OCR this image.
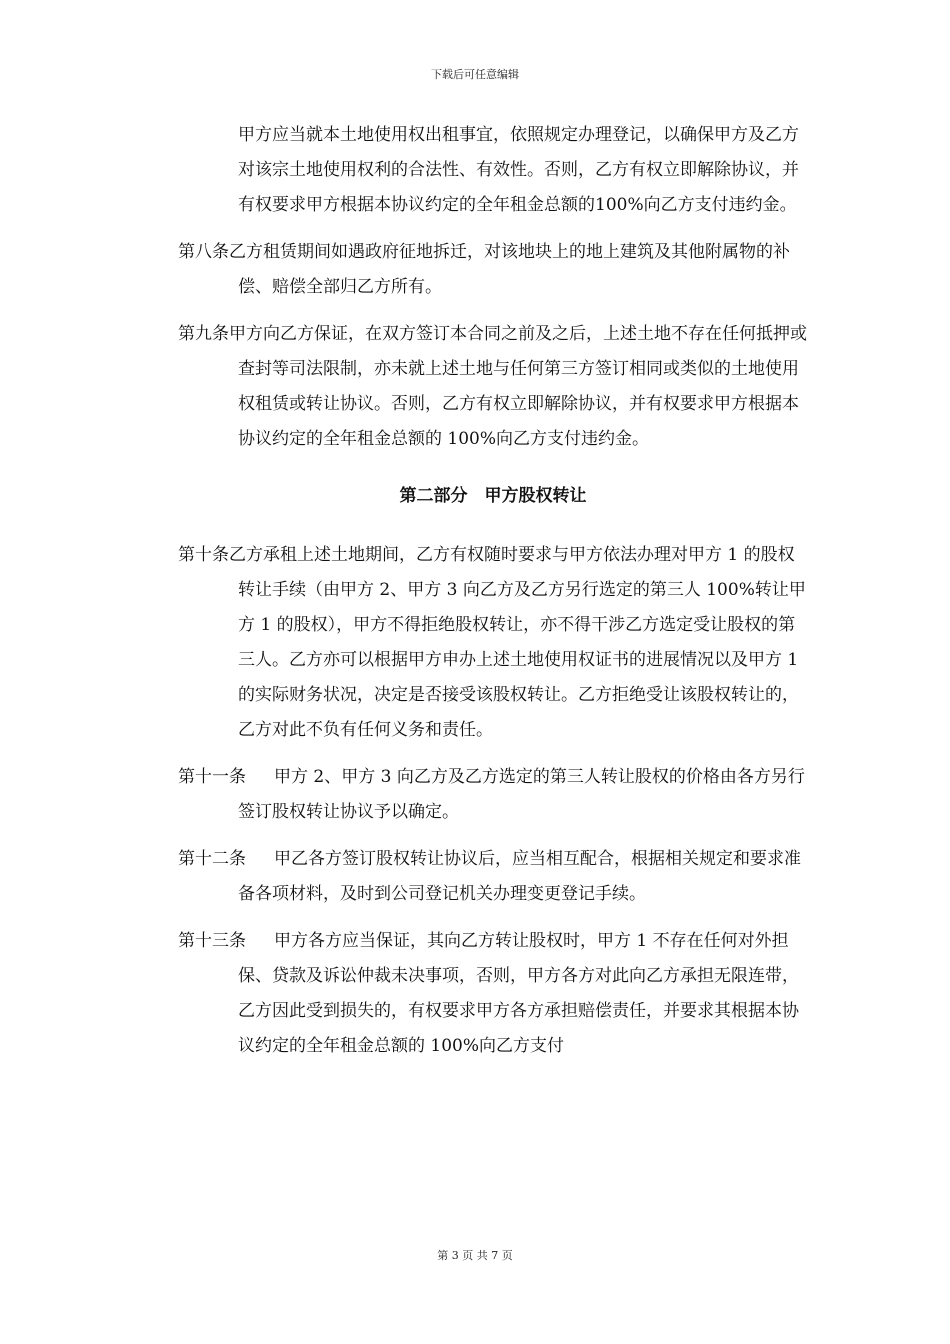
下载后可任意编辑

甲方应当就本土地使用权出租事宜，依照规定办理登记，以确保甲方及乙方对该宗土地使用权利的合法性、有效性。否则，乙方有权立即解除协议，并有权要求甲方根据本协议约定的全年租金总额的100%向乙方支付违约金。

第八条乙方租赁期间如遇政府征地拆迁，对该地块上的地上建筑及其他附属物的补偿、赔偿全部归乙方所有。

第九条甲方向乙方保证，在双方签订本合同之前及之后，上述土地不存在任何抵押或查封等司法限制，亦未就上述土地与任何第三方签订相同或类似的土地使用权租赁或转让协议。否则，乙方有权立即解除协议，并有权要求甲方根据本协议约定的全年租金总额的 100%向乙方支付违约金。

第二部分　甲方股权转让

第十条乙方承租上述土地期间，乙方有权随时要求与甲方依法办理对甲方 1 的股权转让手续（由甲方 2、甲方 3 向乙方及乙方另行选定的第三人 100%转让甲方 1 的股权），甲方不得拒绝股权转让，亦不得干涉乙方选定受让股权的第三人。乙方亦可以根据甲方申办上述土地使用权证书的进展情况以及甲方 1 的实际财务状况，决定是否接受该股权转让。乙方拒绝受让该股权转让的，乙方对此不负有任何义务和责任。

第十一条 甲方 2、甲方 3 向乙方及乙方选定的第三人转让股权的价格由各方另行签订股权转让协议予以确定。

第十二条 甲乙各方签订股权转让协议后，应当相互配合，根据相关规定和要求准备各项材料，及时到公司登记机关办理变更登记手续。

第十三条 甲方各方应当保证，其向乙方转让股权时，甲方 1 不存在任何对外担保、贷款及诉讼仲裁未决事项，否则，甲方各方对此向乙方承担无限连带，乙方因此受到损失的，有权要求甲方各方承担赔偿责任，并要求其根据本协议约定的全年租金总额的 100%向乙方支付

第 3 页 共 7 页
